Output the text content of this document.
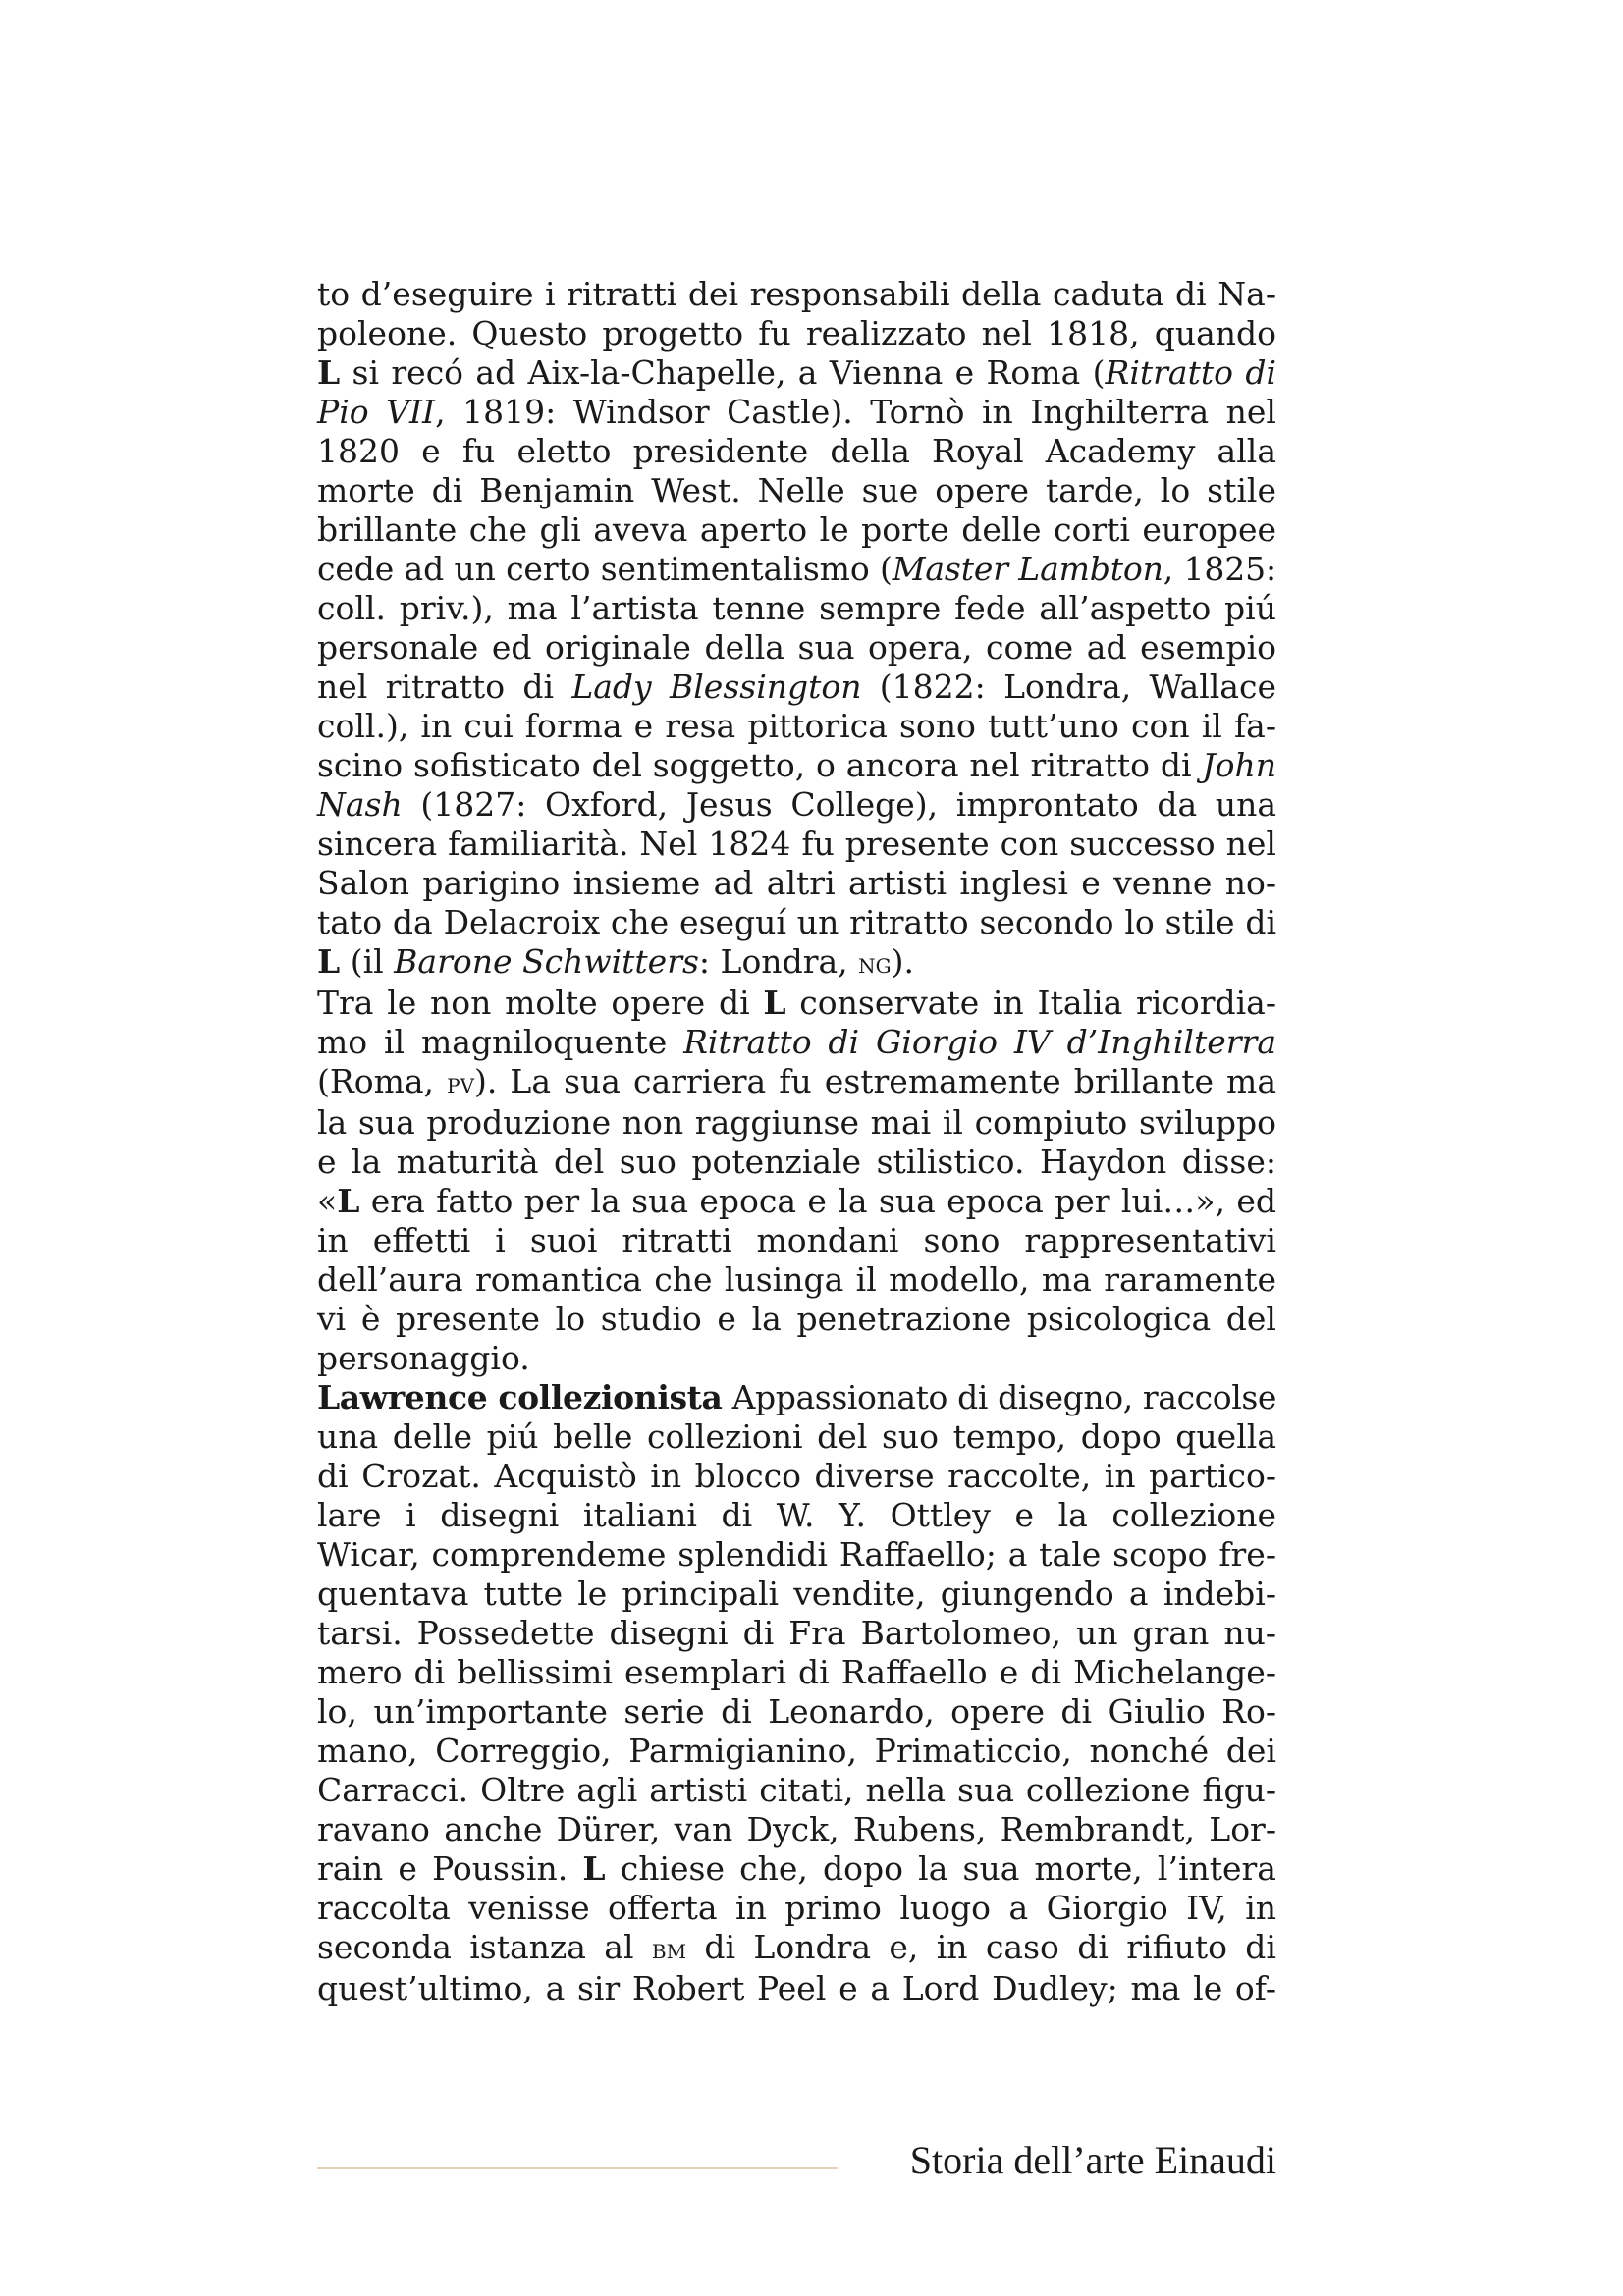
to d’eseguire i ritratti dei responsabili della caduta di Na-
poleone. Questo progetto fu realizzato nel 1818, quando
L si recó ad Aix-la-Chapelle, a Vienna e Roma (Ritratto di
Pio VII, 1819: Windsor Castle). Tornò in Inghilterra nel
1820 e fu eletto presidente della Royal Academy alla
morte di Benjamin West. Nelle sue opere tarde, lo stile
brillante che gli aveva aperto le porte delle corti europee
cede ad un certo sentimentalismo (Master Lambton, 1825:
coll. priv.), ma l’artista tenne sempre fede all’aspetto piú
personale ed originale della sua opera, come ad esempio
nel ritratto di Lady Blessington (1822: Londra, Wallace
coll.), in cui forma e resa pittorica sono tutt’uno con il fa-
scino sofisticato del soggetto, o ancora nel ritratto di John
Nash (1827: Oxford, Jesus College), improntato da una
sincera familiarità. Nel 1824 fu presente con successo nel
Salon parigino insieme ad altri artisti inglesi e venne no-
tato da Delacroix che eseguí un ritratto secondo lo stile di
L (il Barone Schwitters: Londra, ng).
Tra le non molte opere di L conservate in Italia ricordia-
mo il magniloquente Ritratto di Giorgio IV d’Inghilterra
(Roma, pv). La sua carriera fu estremamente brillante ma
la sua produzione non raggiunse mai il compiuto sviluppo
e la maturità del suo potenziale stilistico. Haydon disse:
«L era fatto per la sua epoca e la sua epoca per lui…», ed
in effetti i suoi ritratti mondani sono rappresentativi
dell’aura romantica che lusinga il modello, ma raramente
vi è presente lo studio e la penetrazione psicologica del
personaggio.
Lawrence collezionista Appassionato di disegno, raccolse
una delle piú belle collezioni del suo tempo, dopo quella
di Crozat. Acquistò in blocco diverse raccolte, in partico-
lare i disegni italiani di W. Y. Ottley e la collezione
Wicar, comprendeme splendidi Raffaello; a tale scopo fre-
quentava tutte le principali vendite, giungendo a indebi-
tarsi. Possedette disegni di Fra Bartolomeo, un gran nu-
mero di bellissimi esemplari di Raffaello e di Michelange-
lo, un’importante serie di Leonardo, opere di Giulio Ro-
mano, Correggio, Parmigianino, Primaticcio, nonché dei
Carracci. Oltre agli artisti citati, nella sua collezione figu-
ravano anche Dürer, van Dyck, Rubens, Rembrandt, Lor-
rain e Poussin. L chiese che, dopo la sua morte, l’intera
raccolta venisse offerta in primo luogo a Giorgio IV, in
seconda istanza al bm di Londra e, in caso di rifiuto di
quest’ultimo, a sir Robert Peel e a Lord Dudley; ma le of-
Storia dell’arte Einaudi
